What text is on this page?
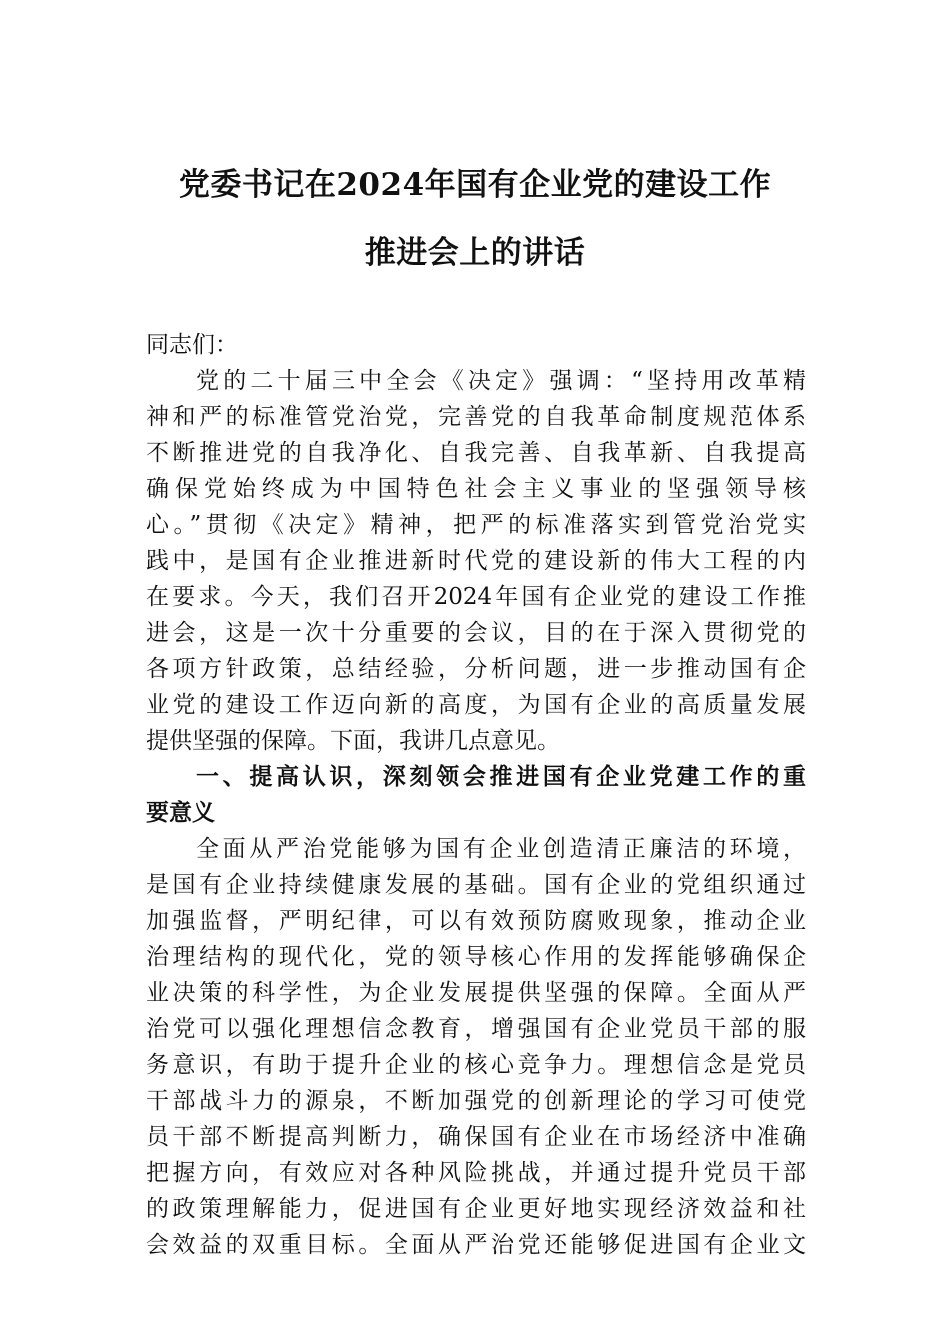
党委书记在2024年国有企业党的建设工作
推进会上的讲话
同志们：
党的二十届三中全会《决定》强调：“坚持用改革精
神和严的标准管党治党，完善党的自我革命制度规范体系
不断推进党的自我净化、自我完善、自我革新、自我提高
确保党始终成为中国特色社会主义事业的坚强领导核
心。”贯彻《决定》精神，把严的标准落实到管党治党实
践中，是国有企业推进新时代党的建设新的伟大工程的内
在要求。今天，我们召开2024年国有企业党的建设工作推
进会，这是一次十分重要的会议，目的在于深入贯彻党的
各项方针政策，总结经验，分析问题，进一步推动国有企
业党的建设工作迈向新的高度，为国有企业的高质量发展
提供坚强的保障。下面，我讲几点意见。
一、提高认识，深刻领会推进国有企业党建工作的重
要意义
全面从严治党能够为国有企业创造清正廉洁的环境，
是国有企业持续健康发展的基础。国有企业的党组织通过
加强监督，严明纪律，可以有效预防腐败现象，推动企业
治理结构的现代化，党的领导核心作用的发挥能够确保企
业决策的科学性，为企业发展提供坚强的保障。全面从严
治党可以强化理想信念教育，增强国有企业党员干部的服
务意识，有助于提升企业的核心竞争力。理想信念是党员
干部战斗力的源泉，不断加强党的创新理论的学习可使党
员干部不断提高判断力，确保国有企业在市场经济中准确
把握方向，有效应对各种风险挑战，并通过提升党员干部
的政策理解能力，促进国有企业更好地实现经济效益和社
会效益的双重目标。全面从严治党还能够促进国有企业文
